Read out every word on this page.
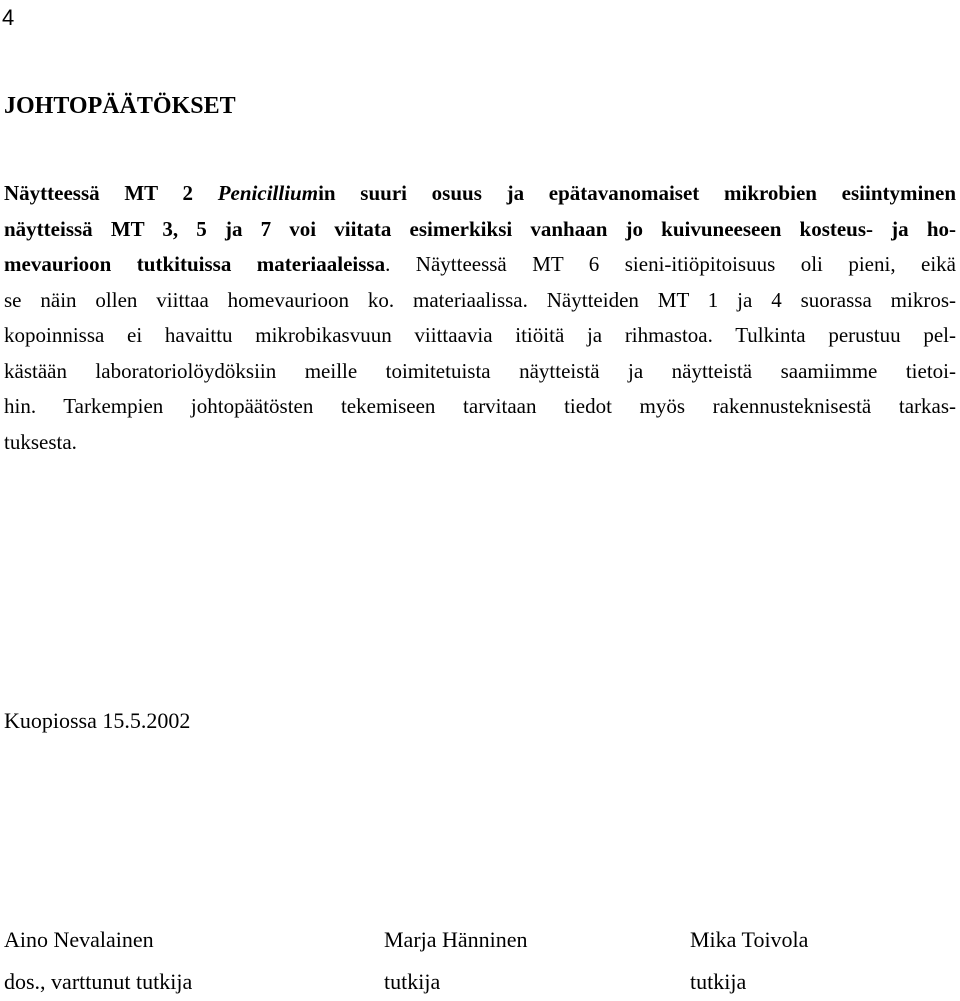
4
JOHTOPÄÄTÖKSET
Näytteessä MT 2 Penicilliumin suuri osuus ja epätavanomaiset mikrobien esiintyminen
näytteissä MT 3, 5 ja 7 voi viitata esimerkiksi vanhaan jo kuivuneeseen kosteus- ja ho-
mevaurioon tutkituissa materiaaleissa. Näytteessä MT 6 sieni-itiöpitoisuus oli pieni, eikä
se näin ollen viittaa homevaurioon ko. materiaalissa. Näytteiden MT 1 ja 4 suorassa mikros-
kopoinnissa ei havaittu mikrobikasvuun viittaavia itiöitä ja rihmastoa. Tulkinta perustuu pel-
kästään laboratoriolöydöksiin meille toimitetuista näytteistä ja näytteistä saamiimme tietoi-
hin. Tarkempien johtopäätösten tekemiseen tarvitaan tiedot myös rakennusteknisestä tarkas-
tuksesta.
Kuopiossa 15.5.2002
Aino Nevalainen
dos., varttunut tutkija
Marja Hänninen
tutkija
Mika Toivola
tutkija
